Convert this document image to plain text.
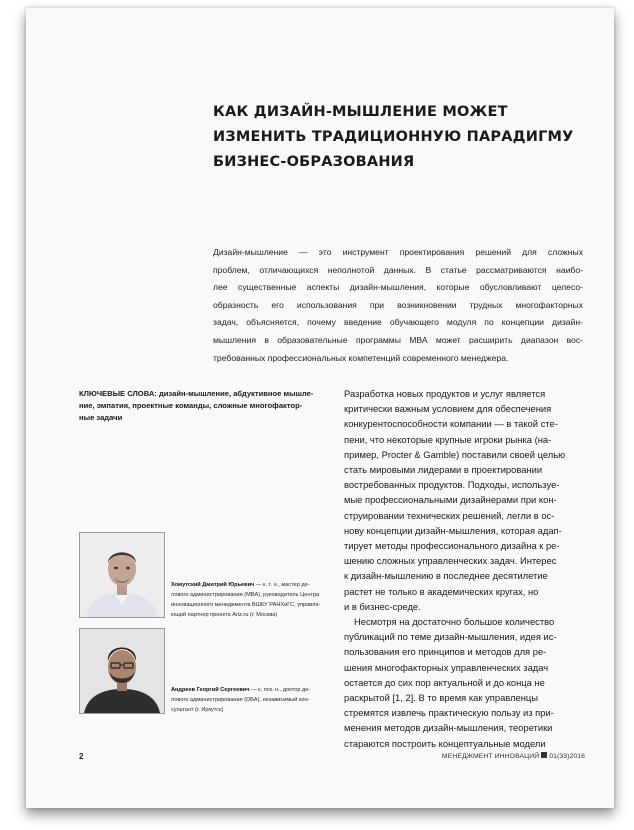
КАК ДИЗАЙН-МЫШЛЕНИЕ МОЖЕТ
ИЗМЕНИТЬ ТРАДИЦИОННУЮ ПАРАДИГМУ
БИЗНЕС-ОБРАЗОВАНИЯ
Дизайн-мышление — это инструмент проектирования решений для сложных
проблем, отличающихся неполнотой данных. В статье рассматриваются наибо-
лее существенные аспекты дизайн-мышления, которые обусловливают целесо-
образность его использования при возникновении трудных многофакторных
задач, объясняется, почему введение обучающего модуля по концепции дизайн-
мышления в образовательные программы МВА может расширить диапазон вос-
требованных профессиональных компетенций современного менеджера.
КЛЮЧЕВЫЕ СЛОВА: дизайн-мышление, абдуктивное мышле-
ние, эмпатия, проектные команды, сложные многофактор-
ные задачи
Разработка новых продуктов и услуг является
критически важным условием для обеспечения
конкурентоспособности компании — в такой сте-
пени, что некоторые крупные игроки рынка (на-
пример, Procter & Gamble) поставили своей целью
стать мировыми лидерами в проектировании
востребованных продуктов. Подходы, используе-
мые профессиональными дизайнерами при кон-
струировании технических решений, легли в ос-
нову концепции дизайн-мышления, которая адап-
тирует методы профессионального дизайна к ре-
шению сложных управленческих задач. Интерес
к дизайн-мышлению в последнее десятилетие
растет не только в академических кругах, но
и в бизнес-среде.
Несмотря на достаточно большое количество
публикаций по теме дизайн-мышления, идея ис-
пользования его принципов и методов для ре-
шения многофакторных управленческих задач
остается до сих пор актуальной и до конца не
раскрытой [1, 2]. В то время как управленцы
стремятся извлечь практическую пользу из при-
менения методов дизайн-мышления, теоретики
стараются построить концептуальные модели
Хомутский Дмитрий Юрьевич — к. т. н., мастер де-
лового администрирования (MBA), руководитель Центра
инновационного менеджмента ВШКУ РАНХиГС, управля-
ющий партнер проекта Ariz.ru (г. Москва)
Андреев Георгий Сергеевич — к. пск. н., доктор де-
лового администрирования (DBA), независимый кон-
сультант (г. Иркутск)
2	МЕНЕДЖМЕНТ ИННОВАЦИЙ 01(33)2016
